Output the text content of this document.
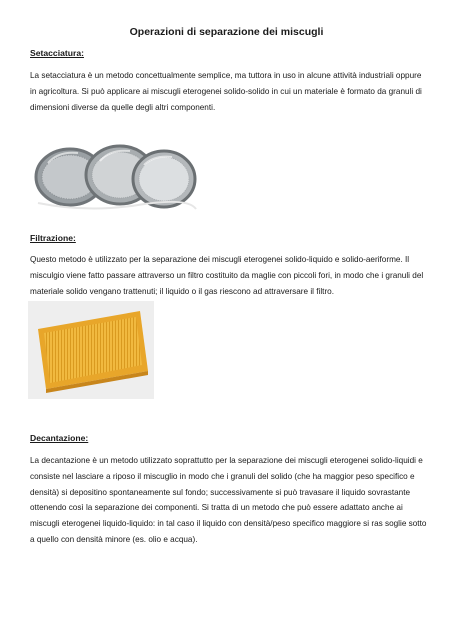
Operazioni di separazione dei miscugli
Setacciatura:
La setacciatura è un metodo concettualmente semplice, ma tuttora in uso in alcune attività industriali oppure in agricoltura. Si può applicare ai miscugli eterogenei solido-solido in cui un materiale è formato da granuli di dimensioni diverse da quelle degli altri componenti.
Filtrazione:
Questo metodo è utilizzato per la separazione dei miscugli eterogenei solido-liquido e solido-aeriforme. Il misculgio viene fatto passare attraverso un filtro costituito da maglie con piccoli fori, in modo che i granuli del materiale solido vengano trattenuti; il liquido o il gas riescono ad attraversare il filtro.
Decantazione:
La decantazione è un metodo utilizzato soprattutto per la separazione dei miscugli eterogenei solido-liquidi e consiste nel lasciare a riposo il miscuglio in modo che i granuli del solido (che ha maggior peso specifico e densità) si depositino spontaneamente sul fondo; successivamente si può travasare il liquido sovrastante ottenendo così la separazione dei componenti. Si tratta di un metodo che può essere adattato anche ai miscugli eterogenei liquido-liquido: in tal caso il liquido con densità/peso specifico maggiore si ras soglie sotto a quello con densità minore (es. olio e acqua).
